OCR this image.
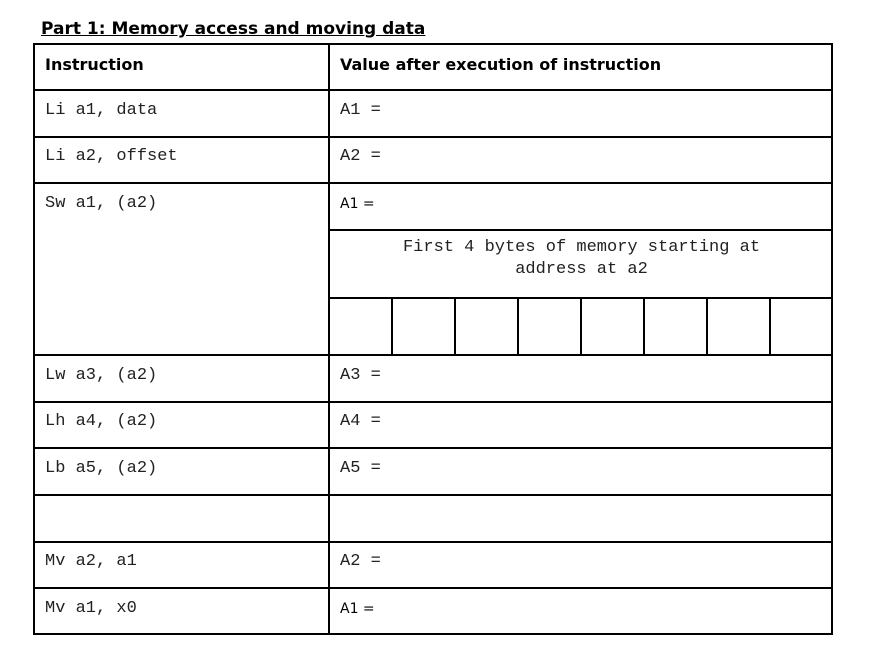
Part 1: Memory access and moving data
Instruction	Value after execution of instruction
Li a1, data	A1 =
Li a2, offset	A2 =
Sw a1, (a2)	A1 =
First 4 bytes of memory starting at
address at a2
Lw a3, (a2)	A3 =
Lh a4, (a2)	A4 =
Lb a5, (a2)	A5 =
Mv a2, a1	A2 =
Mv a1, x0	A1 =
